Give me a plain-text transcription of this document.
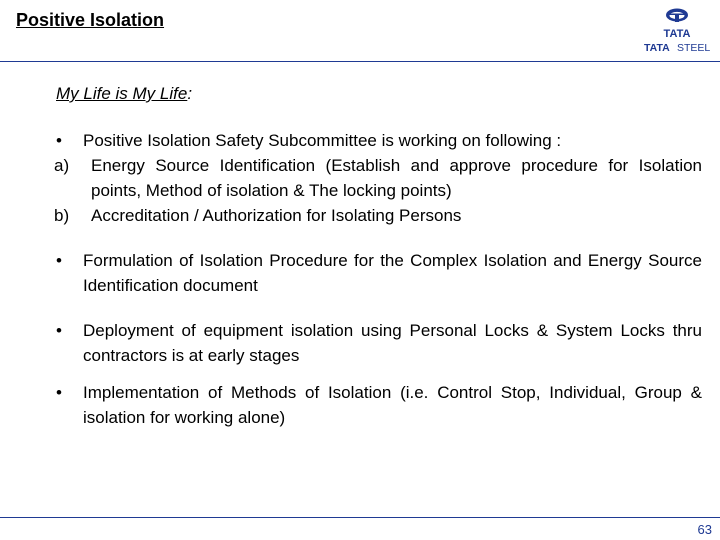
Positive Isolation
TATA
TATA STEEL

My Life is My Life:

•	Positive Isolation Safety Subcommittee is working on following :
a)	Energy Source Identification (Establish and approve procedure for Isolation points, Method of isolation & The locking points)
b)	Accreditation / Authorization for Isolating Persons
•	Formulation of Isolation Procedure for the Complex Isolation and Energy Source Identification document
•	Deployment of equipment isolation using Personal Locks & System Locks thru contractors is at early stages
•	Implementation of Methods of Isolation (i.e. Control Stop, Individual, Group & isolation for working alone)
63
